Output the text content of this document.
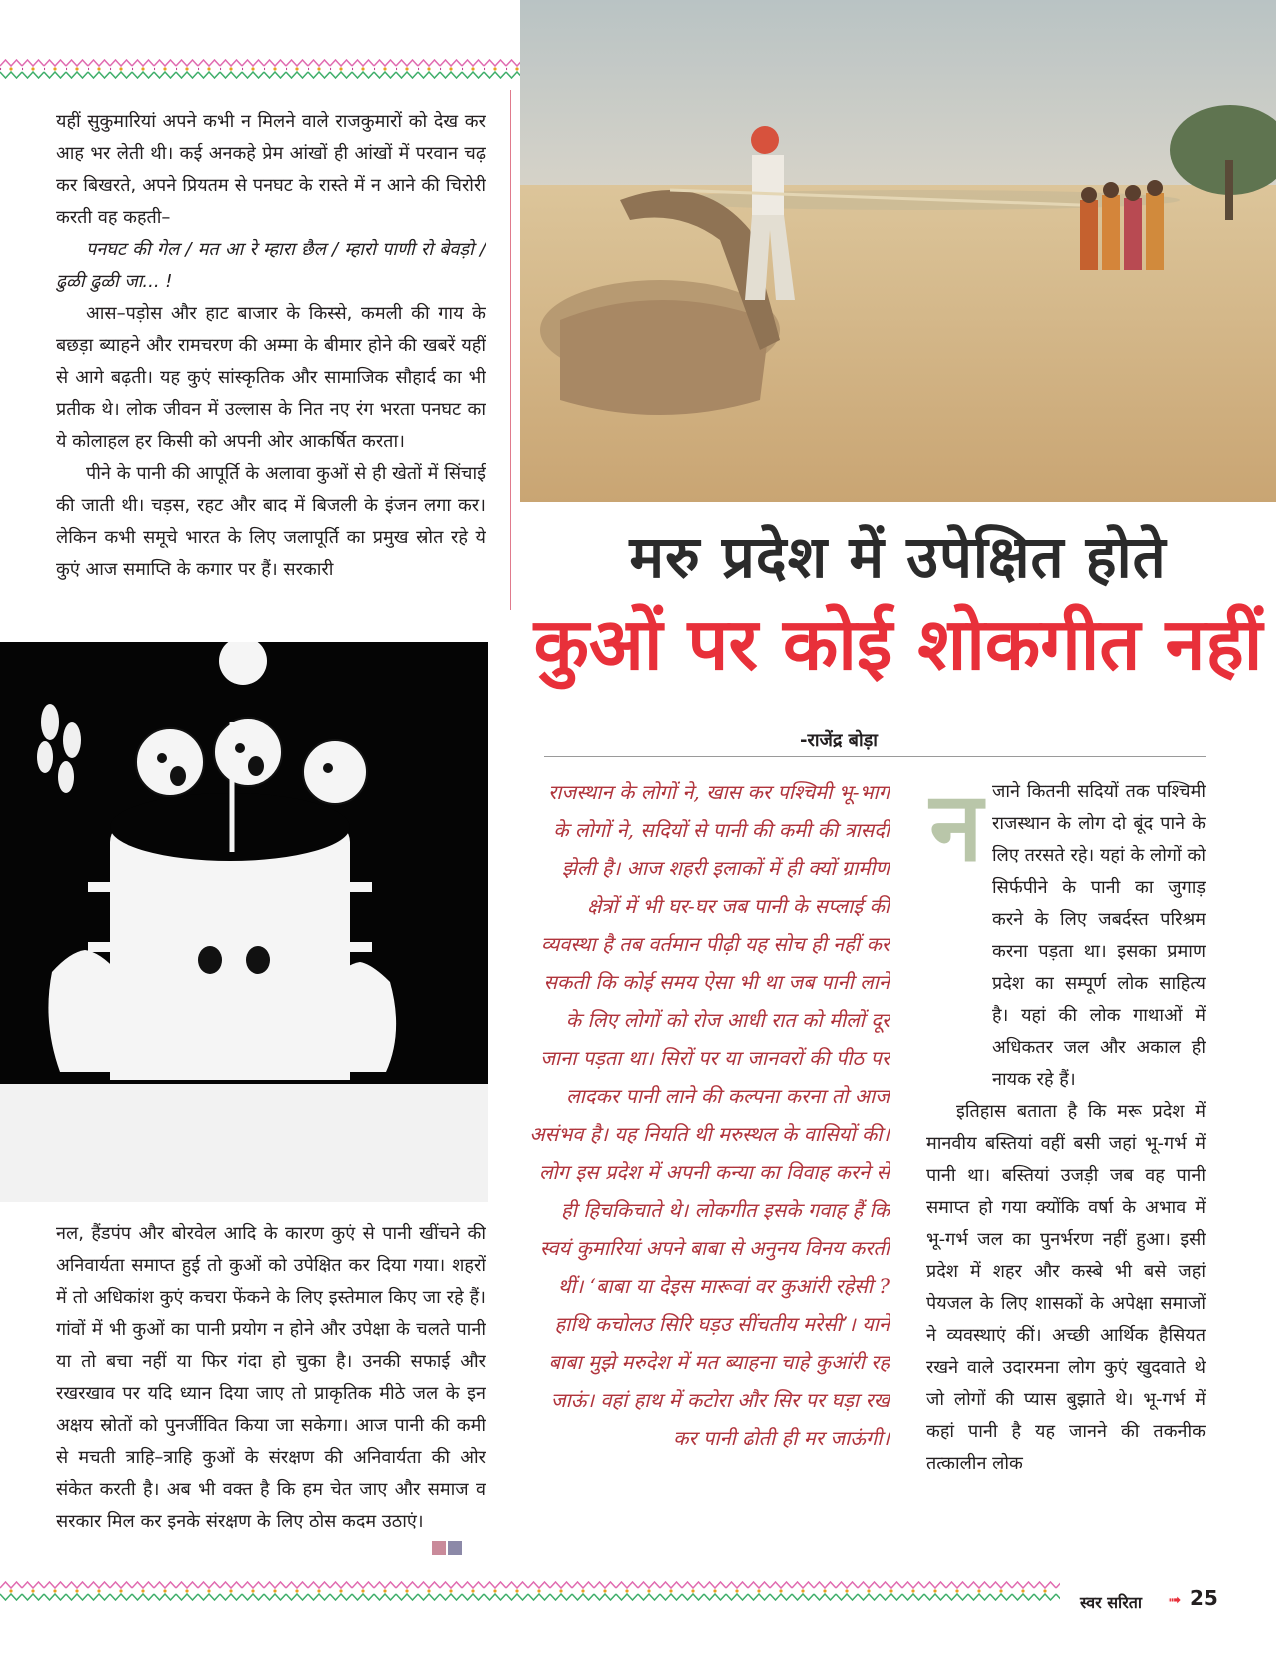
यहीं सुकुमारियां अपने कभी न मिलने वाले राजकुमारों को देख कर आह भर लेती थी। कई अनकहे प्रेम आंखों ही आंखों में परवान चढ़ कर बिखरते, अपने प्रियतम से पनघट के रास्ते में न आने की चिरोरी करती वह कहती–

पनघट की गेल / मत आ रे म्हारा छैल / म्हारो पाणी रो बेवड़ो / ढुळी ढुळी जा... !

आस–पड़ोस और हाट बाजार के किस्से, कमली की गाय के बछड़ा ब्याहने और रामचरण की अम्मा के बीमार होने की खबरें यहीं से आगे बढ़ती। यह कुएं सांस्कृतिक और सामाजिक सौहार्द का भी प्रतीक थे। लोक जीवन में उल्लास के नित नए रंग भरता पनघट का ये कोलाहल हर किसी को अपनी ओर आकर्षित करता।

पीने के पानी की आपूर्ति के अलावा कुओं से ही खेतों में सिंचाई की जाती थी। चड़स, रहट और बाद में बिजली के इंजन लगा कर। लेकिन कभी समूचे भारत के लिए जलापूर्ति का प्रमुख स्रोत रहे ये कुएं आज समाप्ति के कगार पर हैं। सरकारी

नल, हैंडपंप और बोरवेल आदि के कारण कुएं से पानी खींचने की अनिवार्यता समाप्त हुई तो कुओं को उपेक्षित कर दिया गया। शहरों में तो अधिकांश कुएं कचरा फेंकने के लिए इस्तेमाल किए जा रहे हैं। गांवों में भी कुओं का पानी प्रयोग न होने और उपेक्षा के चलते पानी या तो बचा नहीं या फिर गंदा हो चुका है। उनकी सफाई और रखरखाव पर यदि ध्यान दिया जाए तो प्राकृतिक मीठे जल के इन अक्षय स्रोतों को पुनर्जीवित किया जा सकेगा। आज पानी की कमी से मचती त्राहि–त्राहि कुओं के संरक्षण की अनिवार्यता की ओर संकेत करती है। अब भी वक्त है कि हम चेत जाए और समाज व सरकार मिल कर इनके संरक्षण के लिए ठोस कदम उठाएं।

मरु प्रदेश में उपेक्षित होते
कुओं पर कोई शोकगीत नहीं
-राजेंद्र बोड़ा
राजस्थान के लोगों ने, खास कर पश्चिमी भू-भाग के लोगों ने, सदियों से पानी की कमी की त्रासदी झेली है। आज शहरी इलाकों में ही क्यों ग्रामीण क्षेत्रों में भी घर-घर जब पानी के सप्लाई की व्यवस्था है तब वर्तमान पीढ़ी यह सोच ही नहीं कर सकती कि कोई समय ऐसा भी था जब पानी लाने के लिए लोगों को रोज आधी रात को मीलों दूर जाना पड़ता था। सिरों पर या जानवरों की पीठ पर लादकर पानी लाने की कल्पना करना तो आज असंभव है। यह नियति थी मरुस्थल के वासियों की। लोग इस प्रदेश में अपनी कन्या का विवाह करने से ही हिचकिचाते थे। लोकगीत इसके गवाह हैं कि स्वयं कुमारियां अपने बाबा से अनुनय विनय करती थीं। ‘बाबा या देइस मारूवां वर कुआंरी रहेसी ? हाथि कचोलउ सिरि घड़उ सींचतीय मरेसी’। याने बाबा मुझे मरुदेश में मत ब्याहना चाहे कुआंरी रह जाऊं। वहां हाथ में कटोरा और सिर पर घड़ा रख कर पानी ढोती ही मर जाऊंगी।
न जाने कितनी सदियों तक पश्चिमी राजस्थान के लोग दो बूंद पाने के लिए तरसते रहे। यहां के लोगों को सिर्फपीने के पानी का जुगाड़ करने के लिए जबर्दस्त परिश्रम करना पड़ता था। इसका प्रमाण प्रदेश का सम्पूर्ण लोक साहित्य है। यहां की लोक गाथाओं में अधिकतर जल और अकाल ही नायक रहे हैं।

इतिहास बताता है कि मरू प्रदेश में मानवीय बस्तियां वहीं बसी जहां भू-गर्भ में पानी था। बस्तियां उजड़ी जब वह पानी समाप्त हो गया क्योंकि वर्षा के अभाव में भू-गर्भ जल का पुनर्भरण नहीं हुआ। इसी प्रदेश में शहर और कस्बे भी बसे जहां पेयजल के लिए शासकों के अपेक्षा समाजों ने व्यवस्थाएं कीं। अच्छी आर्थिक हैसियत रखने वाले उदारमना लोग कुएं खुदवाते थे जो लोगों की प्यास बुझाते थे। भू-गर्भ में कहां पानी है यह जानने की तकनीक तत्कालीन लोक

स्वर सरिता ➟ 25
